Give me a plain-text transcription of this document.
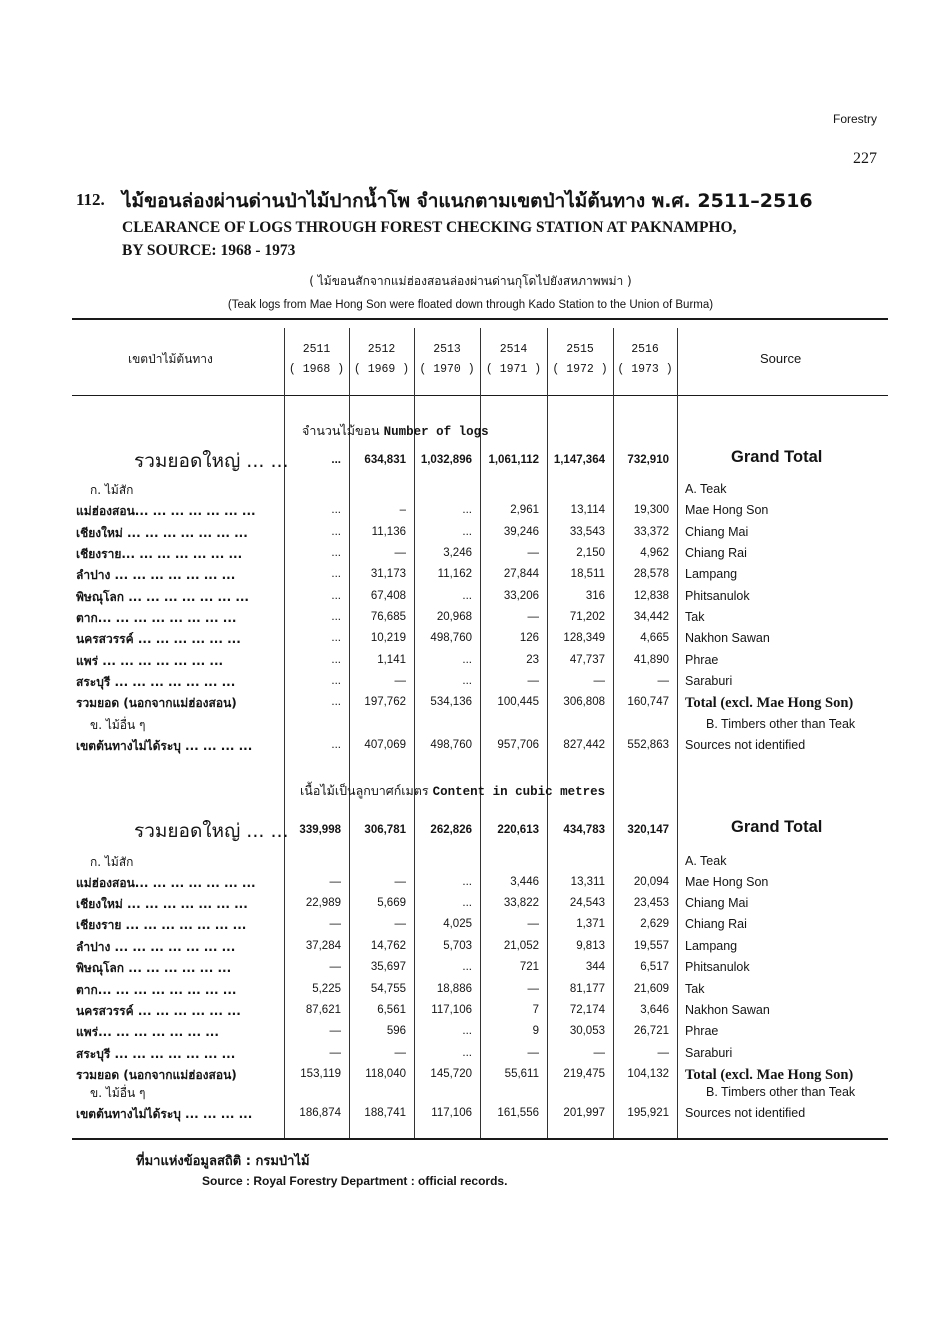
Forestry
227
112. ไม้ขอนล่องผ่านด่านป่าไม้ปากน้ำโพ จำแนกตามเขตป่าไม้ต้นทาง พ.ศ. 2511–2516
CLEARANCE OF LOGS THROUGH FOREST CHECKING STATION AT PAKNAMPHO,
BY SOURCE: 1968 - 1973
( ไม้ขอนสักจากแม่ฮ่องสอนล่องผ่านด่านกุโดไปยังสหภาพพม่า )
(Teak logs from Mae Hong Son were floated down through Kado Station to the Union of Burma)
เขตป่าไม้ต้นทาง	Source
2511
( 1968 )
2512
( 1969 )
2513
( 1970 )
2514
( 1971 )
2515
( 1972 )
2516
( 1973 )
จำนวนไม้ขอน Number of logs
รวมยอดใหญ่ ... ...	...	634,831	1,032,896	1,061,112	1,147,364	732,910	Grand Total
ก. ไม้สัก	A. Teak
แม่ฮ่องสอน... ... ... ... ... ... ...	...	–	...	2,961	13,114	19,300 Mae Hong Son
เชียงใหม่ ... ... ... ... ... ... ...	...	11,136	...	39,246	33,543	33,372 Chiang Mai
เชียงราย... ... ... ... ... ... ...	...	—	3,246	—	2,150	4,962 Chiang Rai
ลำปาง ... ... ... ... ... ... ...	...	31,173	11,162	27,844	18,511	28,578 Lampang
พิษณุโลก ... ... ... ... ... ... ...	...	67,408	...	33,206	316	12,838 Phitsanulok
ตาก... ... ... ... ... ... ... ...	...	76,685	20,968	—	71,202	34,442 Tak
นครสวรรค์ ... ... ... ... ... ...	...	10,219	498,760	126	128,349	4,665 Nakhon Sawan
แพร่ ... ... ... ... ... ... ...	...	1,141	...	23	47,737	41,890 Phrae
สระบุรี ... ... ... ... ... ... ...	...	—	...	—	—	— Saraburi
รวมยอด (นอกจากแม่ฮ่องสอน)	...	197,762	534,136	100,445	306,808	160,747 Total (excl. Mae Hong Son)
ข. ไม้อื่น ๆ	B. Timbers other than Teak
เขตต้นทางไม่ได้ระบุ ... ... ... ...	...	407,069	498,760	957,706	827,442	552,863 Sources not identified
เนื้อไม้เป็นลูกบาศก์เมตร Content in cubic metres
รวมยอดใหญ่ ... ... 339,998	306,781	262,826	220,613	434,783	320,147	Grand Total
ก. ไม้สัก	A. Teak
แม่ฮ่องสอน... ... ... ... ... ... ...	—	—	...	3,446	13,311	20,094 Mae Hong Son
เชียงใหม่ ... ... ... ... ... ... ...	22,989	5,669	...	33,822	24,543	23,453 Chiang Mai
เชียงราย ... ... ... ... ... ... ...	—	—	4,025	—	1,371	2,629 Chiang Rai
ลำปาง ... ... ... ... ... ... ...	37,284	14,762	5,703	21,052	9,813	19,557 Lampang
พิษณุโลก ... ... ... ... ... ...	—	35,697	...	721	344	6,517 Phitsanulok
ตาก... ... ... ... ... ... ... ...	5,225	54,755	18,886	—	81,177	21,609 Tak
นครสวรรค์ ... ... ... ... ... ...	87,621	6,561	117,106	7	72,174	3,646 Nakhon Sawan
แพร่... ... ... ... ... ... ...	—	596	...	9	30,053	26,721 Phrae
สระบุรี ... ... ... ... ... ... ...	—	—	...	—	—	— Saraburi
รวมยอด (นอกจากแม่ฮ่องสอน)	153,119	118,040	145,720	55,611	219,475	104,132 Total (excl. Mae Hong Son)
ข. ไม้อื่น ๆ	B. Timbers other than Teak
เขตต้นทางไม่ได้ระบุ ... ... ... ...	186,874	188,741	117,106	161,556	201,997	195,921 Sources not identified
ที่มาแห่งข้อมูลสถิติ : กรมป่าไม้
Source : Royal Forestry Department : official records.
